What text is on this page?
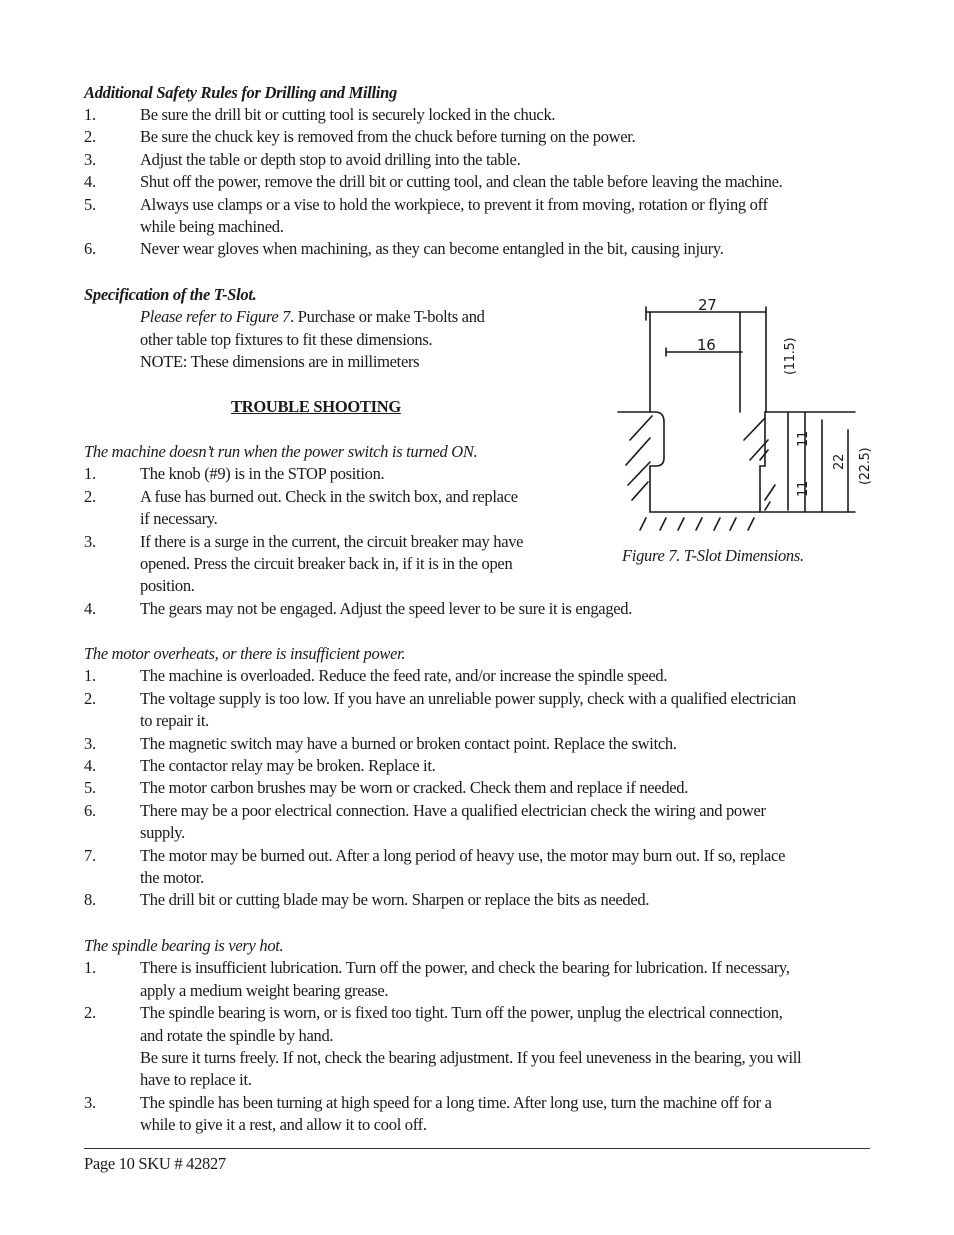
Additional Safety Rules for Drilling and Milling
1.	Be sure the drill bit or cutting tool is securely locked in the chuck.
2.	Be sure the chuck key is removed from the chuck before turning on the power.
3.	Adjust the table or depth stop to avoid drilling into the table.
4.	Shut off the power, remove the drill bit or cutting tool, and clean the table before leaving the machine.
5.	Always use clamps or a vise to hold the workpiece, to prevent it from moving, rotation or flying off
while being machined.
6.	Never wear gloves when machining, as they can become entangled in the bit, causing injury.
Specification of the T-Slot.
Please refer to Figure 7. Purchase or make T-bolts and
other table top fixtures to fit these dimensions.
NOTE: These dimensions are in millimeters
TROUBLE SHOOTING
27
16	(11.5)
11
11
22 (22.5)
Figure 7. T-Slot Dimensions.
The machine doesn’t run when the power switch is turned ON.
1.	The knob (#9) is in the STOP position.
2.	A fuse has burned out. Check in the switch box, and replace
if necessary.
3.	If there is a surge in the current, the circuit breaker may have
opened. Press the circuit breaker back in, if it is in the open
position.
4.	The gears may not be engaged. Adjust the speed lever to be sure it is engaged.
The motor overheats, or there is insufficient power.
1.	The machine is overloaded. Reduce the feed rate, and/or increase the spindle speed.
2.	The voltage supply is too low. If you have an unreliable power supply, check with a qualified electrician
to repair it.
3.	The magnetic switch may have a burned or broken contact point. Replace the switch.
4.	The contactor relay may be broken. Replace it.
5.	The motor carbon brushes may be worn or cracked. Check them and replace if needed.
6.	There may be a poor electrical connection. Have a qualified electrician check the wiring and power
supply.
7.	The motor may be burned out. After a long period of heavy use, the motor may burn out. If so, replace
the motor.
8.	The drill bit or cutting blade may be worn. Sharpen or replace the bits as needed.
The spindle bearing is very hot.
1.	There is insufficient lubrication. Turn off the power, and check the bearing for lubrication. If necessary,
apply a medium weight bearing grease.
2.	The spindle bearing is worn, or is fixed too tight. Turn off the power, unplug the electrical connection,
and rotate the spindle by hand.
Be sure it turns freely. If not, check the bearing adjustment. If you feel uneveness in the bearing, you will
have to replace it.
3.	The spindle has been turning at high speed for a long time. After long use, turn the machine off for a
while to give it a rest, and allow it to cool off.
Page 10 SKU # 42827
